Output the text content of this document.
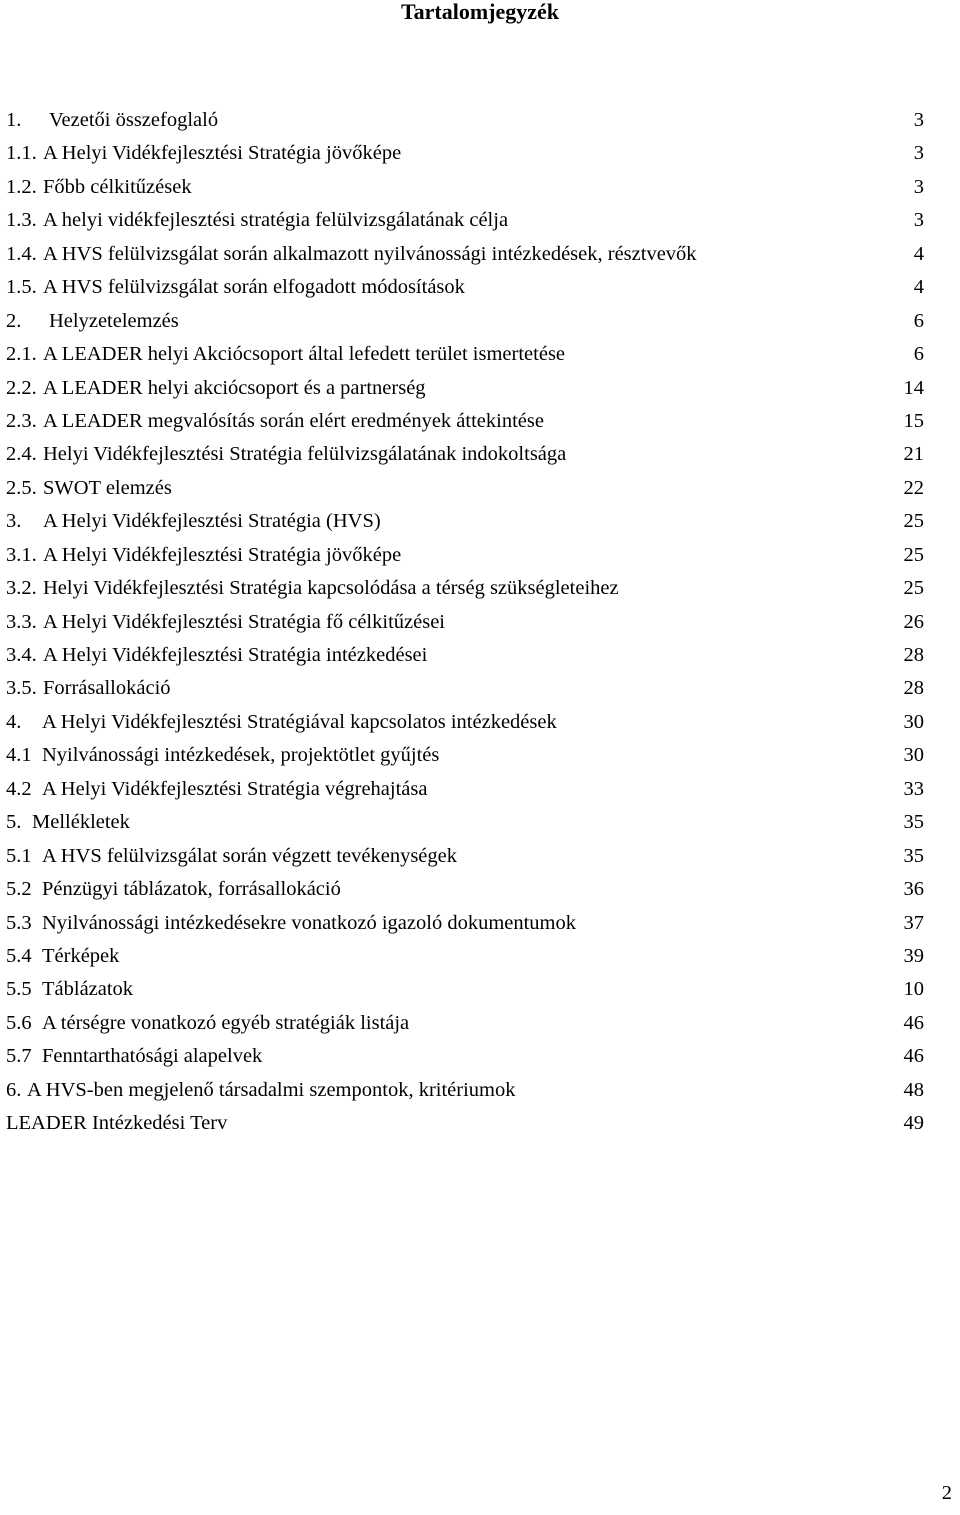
Tartalomjegyzék
1. Vezetői összefoglaló	3
1.1. A Helyi Vidékfejlesztési Stratégia jövőképe	3
1.2. Főbb célkitűzések	3
1.3. A helyi vidékfejlesztési stratégia felülvizsgálatának célja	3
1.4. A HVS felülvizsgálat során alkalmazott nyilvánossági intézkedések, résztvevők	4
1.5. A HVS felülvizsgálat során elfogadott módosítások	4
2. Helyzetelemzés	6
2.1. A LEADER helyi Akciócsoport által lefedett terület ismertetése	6
2.2. A LEADER helyi akciócsoport és a partnerség	14
2.3. A LEADER megvalósítás során elért eredmények áttekintése	15
2.4. Helyi Vidékfejlesztési Stratégia felülvizsgálatának indokoltsága	21
2.5. SWOT elemzés	22
3. A Helyi Vidékfejlesztési Stratégia (HVS)	25
3.1. A Helyi Vidékfejlesztési Stratégia jövőképe	25
3.2. Helyi Vidékfejlesztési Stratégia kapcsolódása a térség szükségleteihez	25
3.3. A Helyi Vidékfejlesztési Stratégia fő célkitűzései	26
3.4. A Helyi Vidékfejlesztési Stratégia intézkedései	28
3.5. Forrásallokáció	28
4. A Helyi Vidékfejlesztési Stratégiával kapcsolatos intézkedések	30
4.1 Nyilvánossági intézkedések, projektötlet gyűjtés	30
4.2 A Helyi Vidékfejlesztési Stratégia végrehajtása	33
5. Mellékletek	35
5.1 A HVS felülvizsgálat során végzett tevékenységek	35
5.2 Pénzügyi táblázatok, forrásallokáció	36
5.3 Nyilvánossági intézkedésekre vonatkozó igazoló dokumentumok	37
5.4 Térképek	39
5.5 Táblázatok	10
5.6 A térségre vonatkozó egyéb stratégiák listája	46
5.7 Fenntarthatósági alapelvek	46
6. A HVS-ben megjelenő társadalmi szempontok, kritériumok	48
LEADER Intézkedési Terv	49
2
